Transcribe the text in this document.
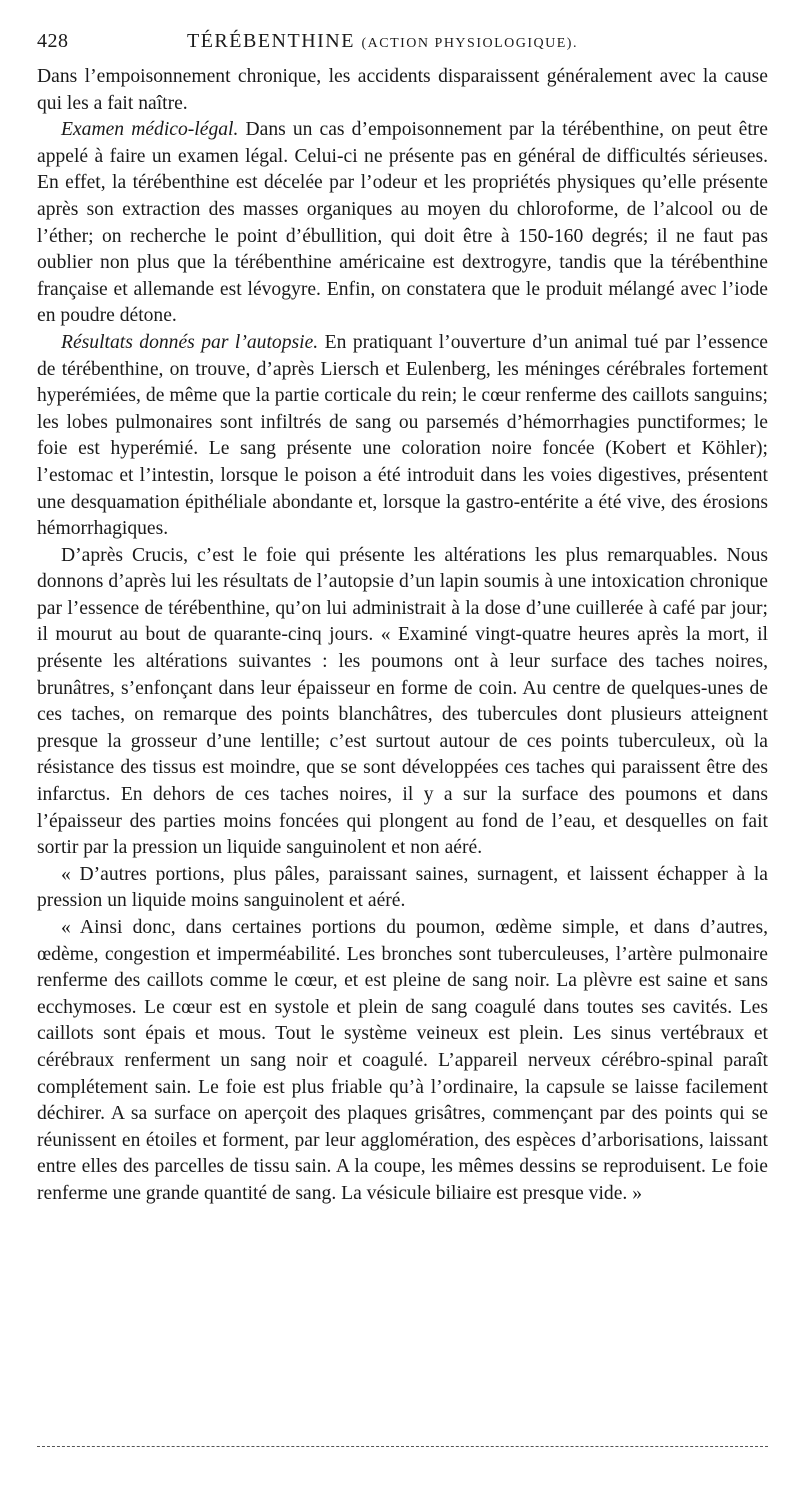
428	TÉRÉBENTHINE (ACTION PHYSIOLOGIQUE).

Dans l’empoisonnement chronique, les accidents disparaissent généralement avec la cause qui les a fait naître.

Examen médico-légal. Dans un cas d’empoisonnement par la térébenthine, on peut être appelé à faire un examen légal. Celui-ci ne présente pas en général de difficultés sérieuses. En effet, la térébenthine est décelée par l’odeur et les propriétés physiques qu’elle présente après son extraction des masses organiques au moyen du chloroforme, de l’alcool ou de l’éther; on recherche le point d’ébullition, qui doit être à 150-160 degrés; il ne faut pas oublier non plus que la térébenthine américaine est dextrogyre, tandis que la térébenthine française et allemande est lévogyre. Enfin, on constatera que le produit mélangé avec l’iode en poudre détone.

Résultats donnés par l’autopsie. En pratiquant l’ouverture d’un animal tué par l’essence de térébenthine, on trouve, d’après Liersch et Eulenberg, les méninges cérébrales fortement hyperémiées, de même que la partie corticale du rein; le cœur renferme des caillots sanguins; les lobes pulmonaires sont infiltrés de sang ou parsemés d’hémorrhagies punctiformes; le foie est hyperémié. Le sang présente une coloration noire foncée (Kobert et Köhler); l’estomac et l’intestin, lorsque le poison a été introduit dans les voies digestives, présentent une desquamation épithéliale abondante et, lorsque la gastro-entérite a été vive, des érosions hémorrhagiques.

D’après Crucis, c’est le foie qui présente les altérations les plus remarquables. Nous donnons d’après lui les résultats de l’autopsie d’un lapin soumis à une intoxication chronique par l’essence de térébenthine, qu’on lui administrait à la dose d’une cuillerée à café par jour; il mourut au bout de quarante-cinq jours. « Examiné vingt-quatre heures après la mort, il présente les altérations suivantes : les poumons ont à leur surface des taches noires, brunâtres, s’enfonçant dans leur épaisseur en forme de coin. Au centre de quelques-unes de ces taches, on remarque des points blanchâtres, des tubercules dont plusieurs atteignent presque la grosseur d’une lentille; c’est surtout autour de ces points tuberculeux, où la résistance des tissus est moindre, que se sont développées ces taches qui paraissent être des infarctus. En dehors de ces taches noires, il y a sur la surface des poumons et dans l’épaisseur des parties moins foncées qui plongent au fond de l’eau, et desquelles on fait sortir par la pression un liquide sanguinolent et non aéré.

« D’autres portions, plus pâles, paraissant saines, surnagent, et laissent échapper à la pression un liquide moins sanguinolent et aéré.

« Ainsi donc, dans certaines portions du poumon, œdème simple, et dans d’autres, œdème, congestion et imperméabilité. Les bronches sont tuberculeuses, l’artère pulmonaire renferme des caillots comme le cœur, et est pleine de sang noir. La plèvre est saine et sans ecchymoses. Le cœur est en systole et plein de sang coagulé dans toutes ses cavités. Les caillots sont épais et mous. Tout le système veineux est plein. Les sinus vertébraux et cérébraux renferment un sang noir et coagulé. L’appareil nerveux cérébro-spinal paraît complétement sain. Le foie est plus friable qu’à l’ordinaire, la capsule se laisse facilement déchirer. A sa surface on aperçoit des plaques grisâtres, commençant par des points qui se réunissent en étoiles et forment, par leur agglomération, des espèces d’arborisations, laissant entre elles des parcelles de tissu sain. A la coupe, les mêmes dessins se reproduisent. Le foie renferme une grande quantité de sang. La vésicule biliaire est presque vide. »
